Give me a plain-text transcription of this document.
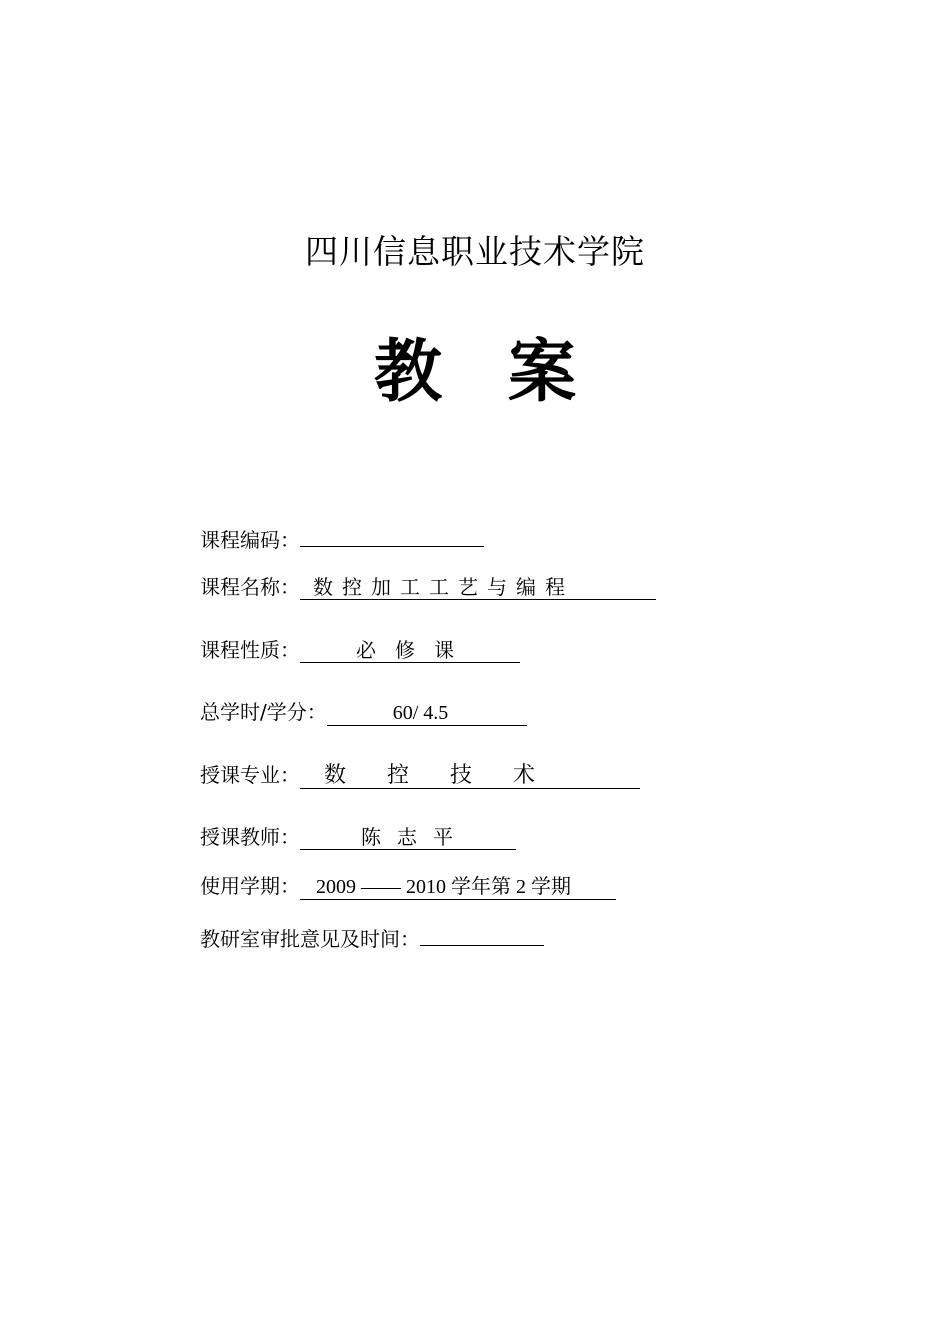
四川信息职业技术学院
教 案
课程编码：
课程名称： 数控加工工艺与编程
课程性质：	必修课
总学时/学分：	60/ 4.5
授课专业：	数控技术
授课教师：	陈志平
使用学期： 2009 —— 2010 学年第 2 学期
教研室审批意见及时间：
